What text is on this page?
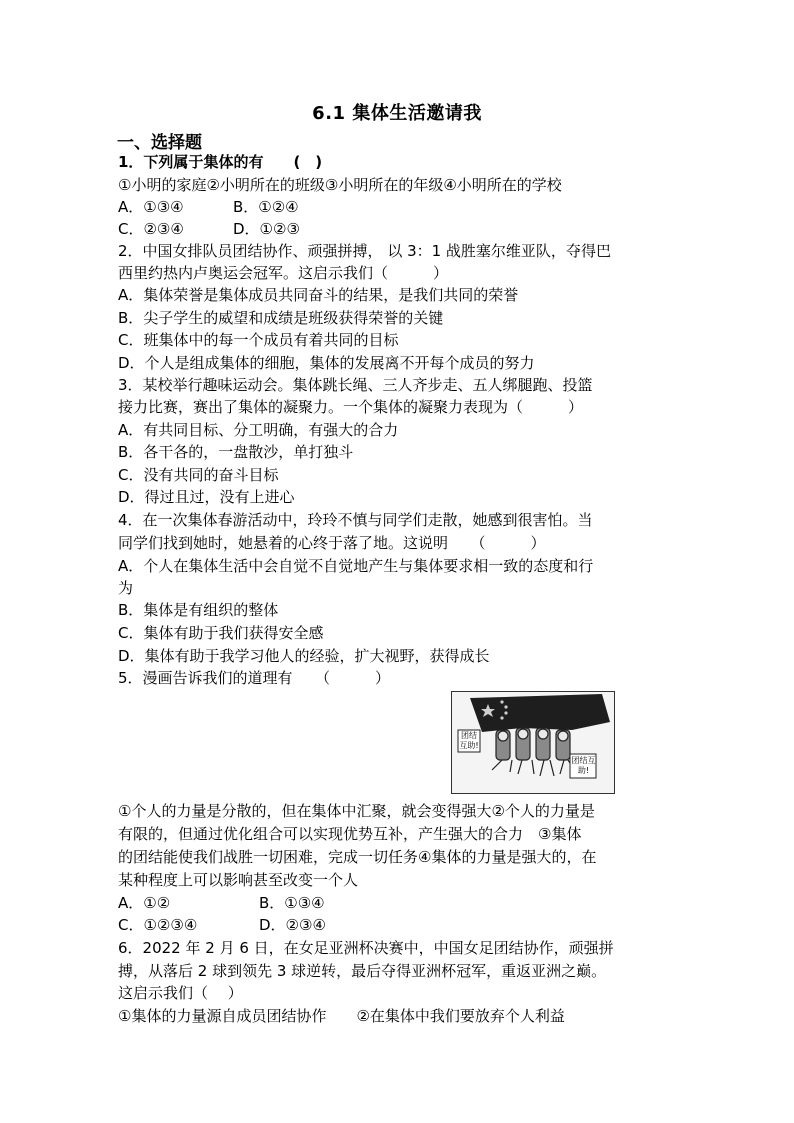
6.1 集体生活邀请我
一、选择题
1．下列属于集体的有　　(　)
①小明的家庭②小明所在的班级③小明所在的年级④小明所在的学校
A．①③④	B．①②④
C．②③④	D．①②③
2．中国女排队员团结协作、顽强拼搏， 以 3：1 战胜塞尔维亚队，夺得巴
西里约热内卢奥运会冠军。这启示我们（　　　）
A．集体荣誉是集体成员共同奋斗的结果，是我们共同的荣誉
B．尖子学生的威望和成绩是班级获得荣誉的关键
C．班集体中的每一个成员有着共同的目标
D．个人是组成集体的细胞，集体的发展离不开每个成员的努力
3．某校举行趣味运动会。集体跳长绳、三人齐步走、五人绑腿跑、投篮
接力比赛，赛出了集体的凝聚力。一个集体的凝聚力表现为（　　　）
A．有共同目标、分工明确，有强大的合力
B．各干各的，一盘散沙，单打独斗
C．没有共同的奋斗目标
D．得过且过，没有上进心
4．在一次集体春游活动中，玲玲不慎与同学们走散，她感到很害怕。当
同学们找到她时，她悬着的心终于落了地。这说明　　（　　　）
A．个人在集体生活中会自觉不自觉地产生与集体要求相一致的态度和行
为
B．集体是有组织的整体
C．集体有助于我们获得安全感
D．集体有助于我学习他人的经验，扩大视野，获得成长
5．漫画告诉我们的道理有　　（　　　）
团结互助!
团结互助!
①个人的力量是分散的，但在集体中汇聚，就会变得强大②个人的力量是
有限的，但通过优化组合可以实现优势互补，产生强大的合力　③集体
的团结能使我们战胜一切困难，完成一切任务④集体的力量是强大的，在
某种程度上可以影响甚至改变一个人
A．①②	B．①③④
C．①②③④	D．②③④
6．2022 年 2 月 6 日，在女足亚洲杯决赛中，中国女足团结协作，顽强拼
搏，从落后 2 球到领先 3 球逆转，最后夺得亚洲杯冠军，重返亚洲之巅。
这启示我们（　 ）
①集体的力量源自成员团结协作　　②在集体中我们要放弃个人利益
